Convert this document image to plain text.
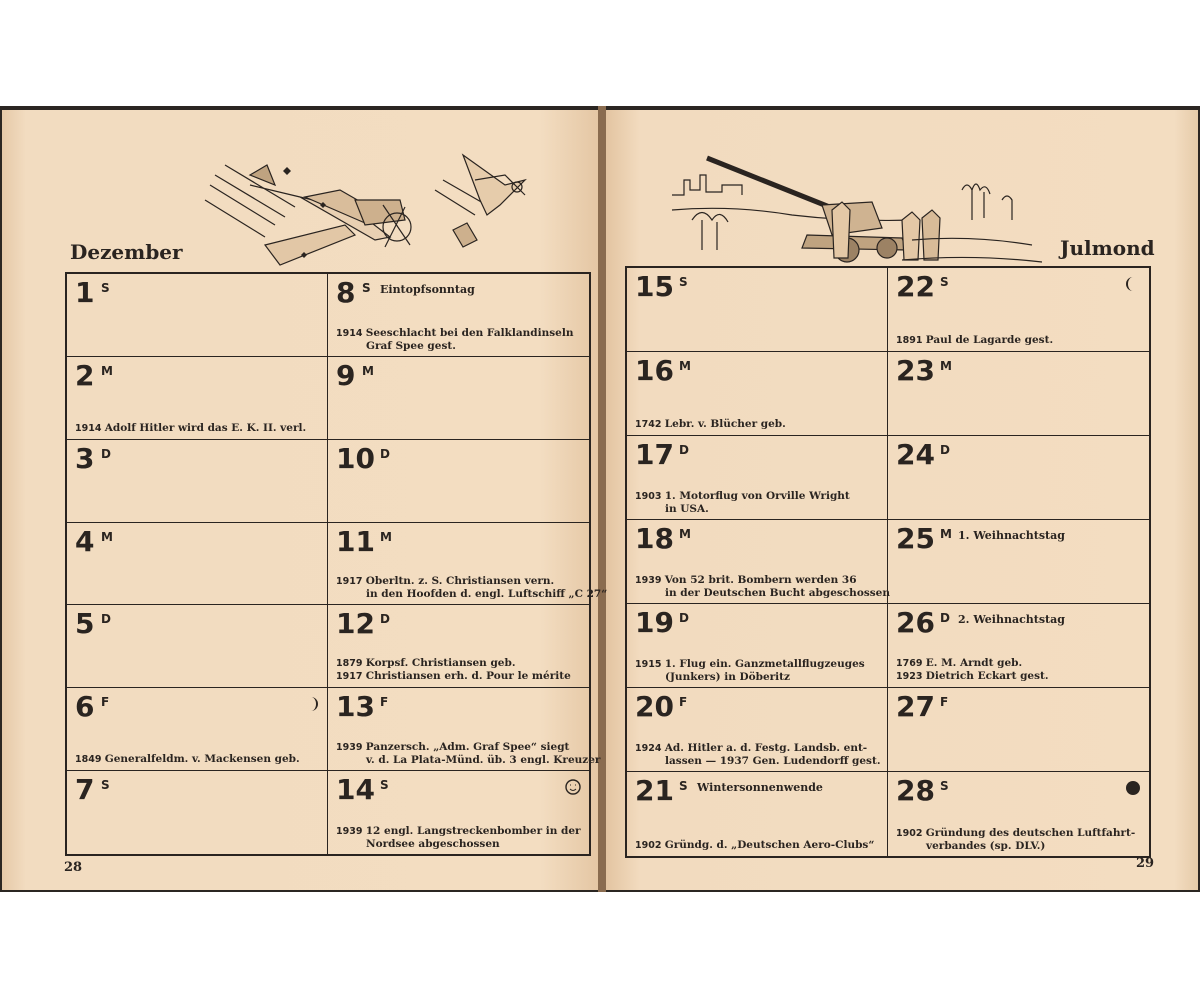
Dezember	Julmond
1 S
2 M
1914 Adolf Hitler wird das E. K. II. verl.
3 D
4 M
5 D
6 F
1849 Generalfeldm. v. Mackensen geb.
7 S
8 S Eintopfsonntag
1914 Seeschlacht bei den Falklandinseln
Graf Spee gest.
9 M
10 D
11 M
1917 Oberltn. z. S. Christiansen vern.
in den Hoofden d. engl. Luftschiff „C 27“
12 D
1879 Korpsf. Christiansen geb.
1917 Christiansen erh. d. Pour le mérite
13 F
1939 Panzersch. „Adm. Graf Spee“ siegt
v. d. La Plata-Münd. üb. 3 engl. Kreuzer
14 S
1939 12 engl. Langstreckenbomber in der
Nordsee abgeschossen
15 S
16 M
1742 Lebr. v. Blücher geb.
17 D
1903 1. Motorflug von Orville Wright
in USA.
18 M
1939 Von 52 brit. Bombern werden 36
in der Deutschen Bucht abgeschossen
19 D
1915 1. Flug ein. Ganzmetallflugzeuges
(Junkers) in Döberitz
20 F
1924 Ad. Hitler a. d. Festg. Landsb. ent-
lassen — 1937 Gen. Ludendorff gest.
21 S Wintersonnenwende
1902 Gründg. d. „Deutschen Aero-Clubs“
22 S
1891 Paul de Lagarde gest.
23 M
24 D
25 M 1. Weihnachtstag
26 D 2. Weihnachtstag
1769 E. M. Arndt geb.
1923 Dietrich Eckart gest.
27 F
28 S
1902 Gründung des deutschen Luftfahrt-
verbandes (sp. DLV.)
28	29
